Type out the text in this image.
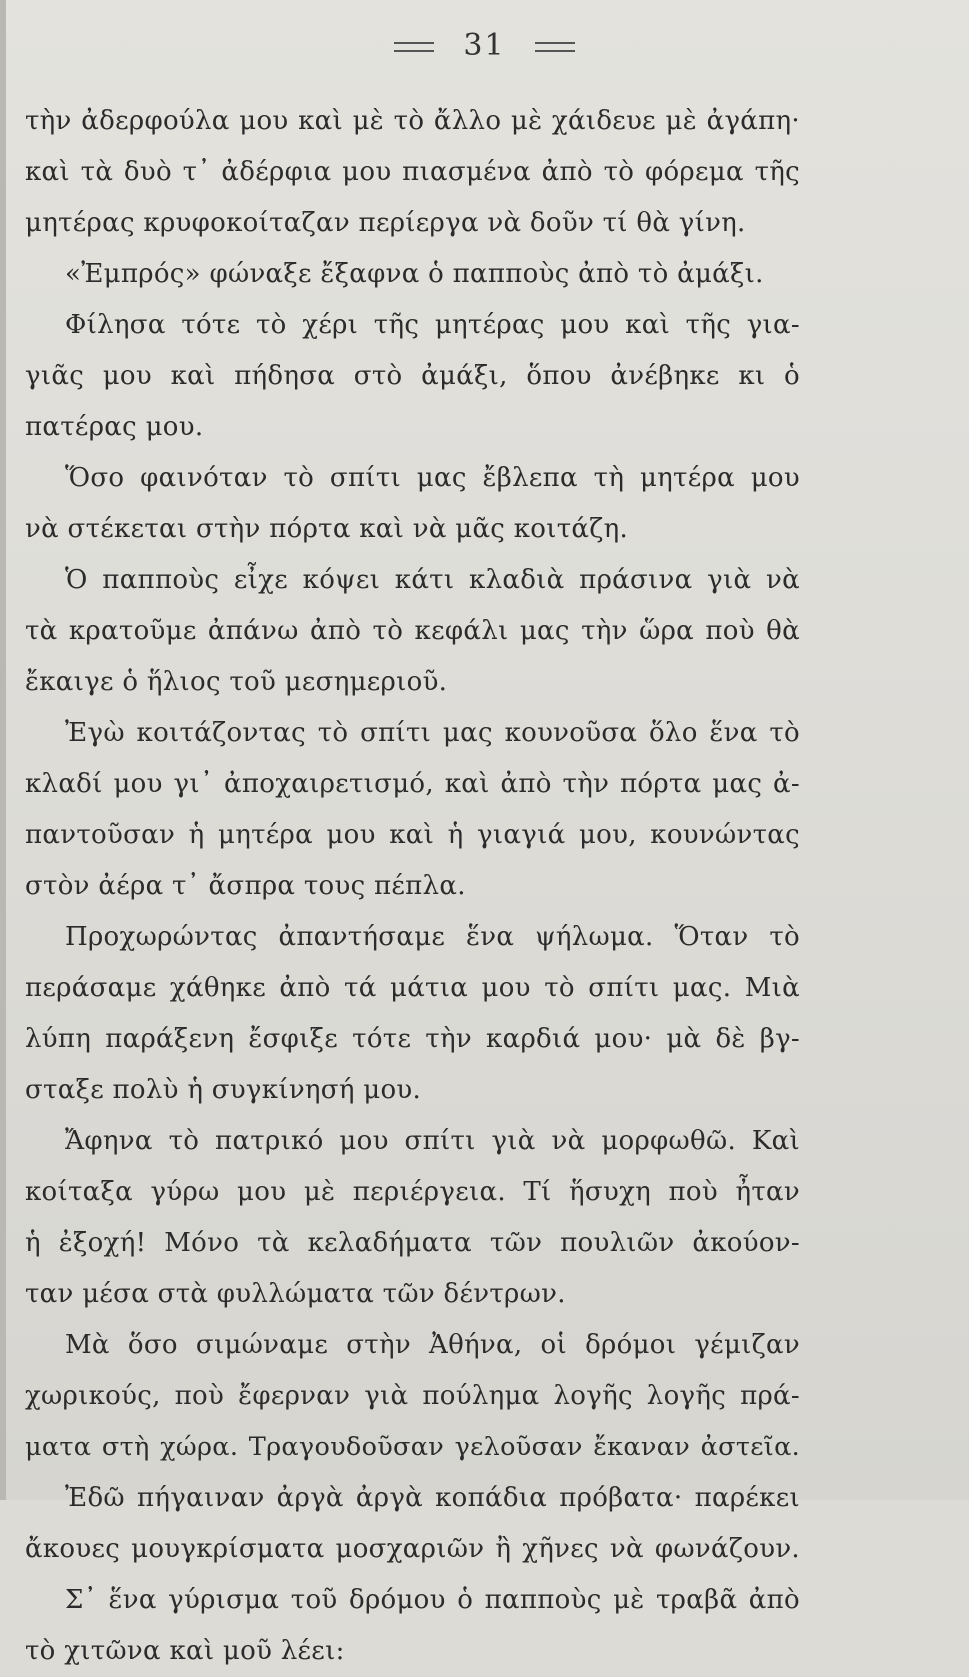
31
τὴν ἀδερφούλα μου καὶ μὲ τὸ ἄλλο μὲ χάιδευε μὲ ἀγάπη·
καὶ τὰ δυὸ τ᾽ ἀδέρφια μου πιασμένα ἀπὸ τὸ φόρεμα τῆς
μητέρας κρυφοκοίταζαν περίεργα νὰ δοῦν τί θὰ γίνη.
«Ἐμπρός» φώναξε ἔξαφνα ὁ παπποὺς ἀπὸ τὸ ἀμάξι.
Φίλησα τότε τὸ χέρι τῆς μητέρας μου καὶ τῆς για-
γιᾶς μου καὶ πήδησα στὸ ἀμάξι, ὅπου ἀνέβηκε κι ὁ
πατέρας μου.
Ὅσο φαινόταν τὸ σπίτι μας ἔβλεπα τὴ μητέρα μου
νὰ στέκεται στὴν πόρτα καὶ νὰ μᾶς κοιτάζη.
Ὁ παπποὺς εἶχε κόψει κάτι κλαδιὰ πράσινα γιὰ νὰ
τὰ κρατοῦμε ἀπάνω ἀπὸ τὸ κεφάλι μας τὴν ὥρα ποὺ θὰ
ἔκαιγε ὁ ἥλιος τοῦ μεσημεριοῦ.
Ἐγὼ κοιτάζοντας τὸ σπίτι μας κουνοῦσα ὅλο ἕνα τὸ
κλαδί μου γι᾽ ἀποχαιρετισμό, καὶ ἀπὸ τὴν πόρτα μας ἀ-
παντοῦσαν ἡ μητέρα μου καὶ ἡ γιαγιά μου, κουνώντας
στὸν ἀέρα τ᾽ ἄσπρα τους πέπλα.
Προχωρώντας ἀπαντήσαμε ἕνα ψήλωμα. Ὅταν τὸ
περάσαμε χάθηκε ἀπὸ τά μάτια μου τὸ σπίτι μας. Μιὰ
λύπη παράξενη ἔσφιξε τότε τὴν καρδιά μου· μὰ δὲ βγ-
σταξε πολὺ ἡ συγκίνησή μου.
Ἄφηνα τὸ πατρικό μου σπίτι γιὰ νὰ μορφωθῶ. Καὶ
κοίταξα γύρω μου μὲ περιέργεια. Τί ἥσυχη ποὺ ἦταν
ἡ ἐξοχή! Μόνο τὰ κελαδήματα τῶν πουλιῶν ἀκούον-
ταν μέσα στὰ φυλλώματα τῶν δέντρων.
Μὰ ὅσο σιμώναμε στὴν Ἀθήνα, οἱ δρόμοι γέμιζαν
χωρικούς, ποὺ ἔφερναν γιὰ πούλημα λογῆς λογῆς πρά-
ματα στὴ χώρα. Τραγουδοῦσαν γελοῦσαν ἔκαναν ἀστεῖα.
Ἐδῶ πήγαιναν ἀργὰ ἀργὰ κοπάδια πρόβατα· παρέκει
ἄκουες μουγκρίσματα μοσχαριῶν ἢ χῆνες νὰ φωνάζουν.
Σ᾽ ἕνα γύρισμα τοῦ δρόμου ὁ παπποὺς μὲ τραβᾶ ἀπὸ
τὸ χιτῶνα καὶ μοῦ λέει:
